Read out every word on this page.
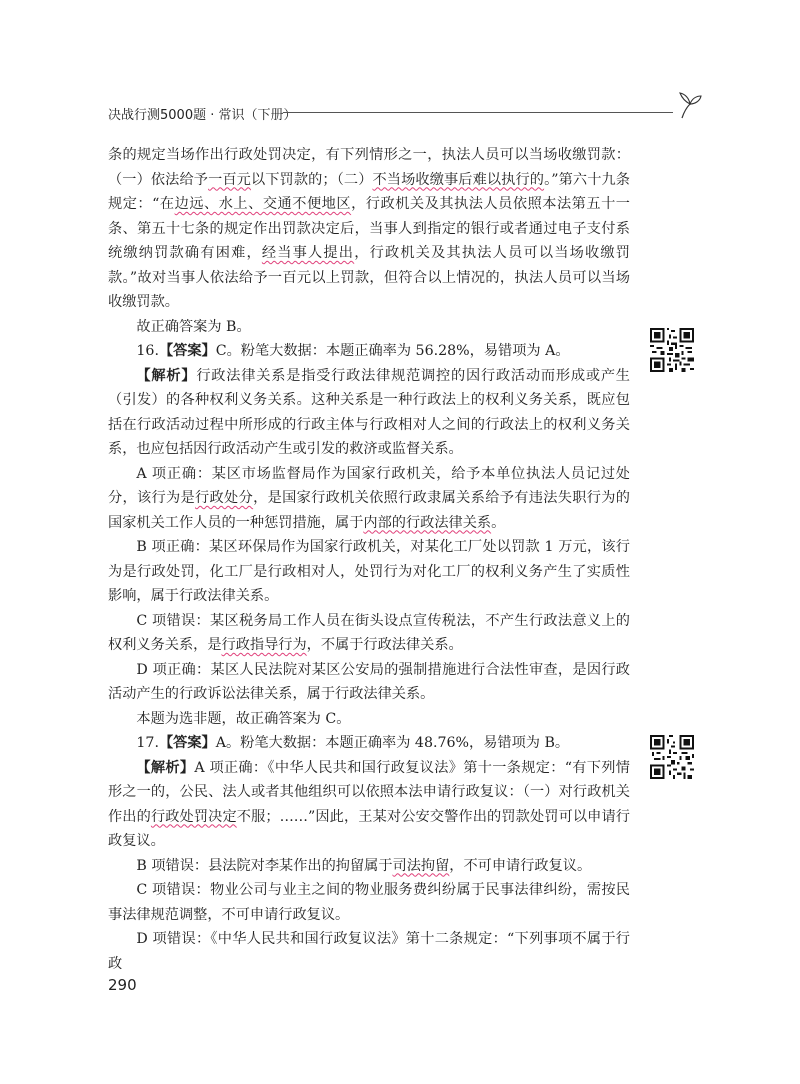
决战行测5000题 · 常识（下册）

条的规定当场作出行政处罚决定，有下列情形之一，执法人员可以当场收缴罚款：（一）依法给予一百元以下罚款的；（二）不当场收缴事后难以执行的。”第六十九条规定：“在边远、水上、交通不便地区，行政机关及其执法人员依照本法第五十一条、第五十七条的规定作出罚款决定后，当事人到指定的银行或者通过电子支付系统缴纳罚款确有困难，经当事人提出，行政机关及其执法人员可以当场收缴罚款。”故对当事人依法给予一百元以上罚款，但符合以上情况的，执法人员可以当场收缴罚款。

故正确答案为 B。

16.【答案】C。粉笔大数据：本题正确率为 56.28%，易错项为 A。

【解析】行政法律关系是指受行政法律规范调控的因行政活动而形成或产生（引发）的各种权利义务关系。这种关系是一种行政法上的权利义务关系，既应包括在行政活动过程中所形成的行政主体与行政相对人之间的行政法上的权利义务关系，也应包括因行政活动产生或引发的救济或监督关系。

A 项正确：某区市场监督局作为国家行政机关，给予本单位执法人员记过处分，该行为是行政处分，是国家行政机关依照行政隶属关系给予有违法失职行为的国家机关工作人员的一种惩罚措施，属于内部的行政法律关系。

B 项正确：某区环保局作为国家行政机关，对某化工厂处以罚款 1 万元，该行为是行政处罚，化工厂是行政相对人，处罚行为对化工厂的权利义务产生了实质性影响，属于行政法律关系。

C 项错误：某区税务局工作人员在街头设点宣传税法，不产生行政法意义上的权利义务关系，是行政指导行为，不属于行政法律关系。

D 项正确：某区人民法院对某区公安局的强制措施进行合法性审查，是因行政活动产生的行政诉讼法律关系，属于行政法律关系。

本题为选非题，故正确答案为 C。

17.【答案】A。粉笔大数据：本题正确率为 48.76%，易错项为 B。

【解析】A 项正确：《中华人民共和国行政复议法》第十一条规定：“有下列情形之一的，公民、法人或者其他组织可以依照本法申请行政复议：（一）对行政机关作出的行政处罚决定不服；……”因此，王某对公安交警作出的罚款处罚可以申请行政复议。

B 项错误：县法院对李某作出的拘留属于司法拘留，不可申请行政复议。

C 项错误：物业公司与业主之间的物业服务费纠纷属于民事法律纠纷，需按民事法律规范调整，不可申请行政复议。

D 项错误：《中华人民共和国行政复议法》第十二条规定：“下列事项不属于行政

290
